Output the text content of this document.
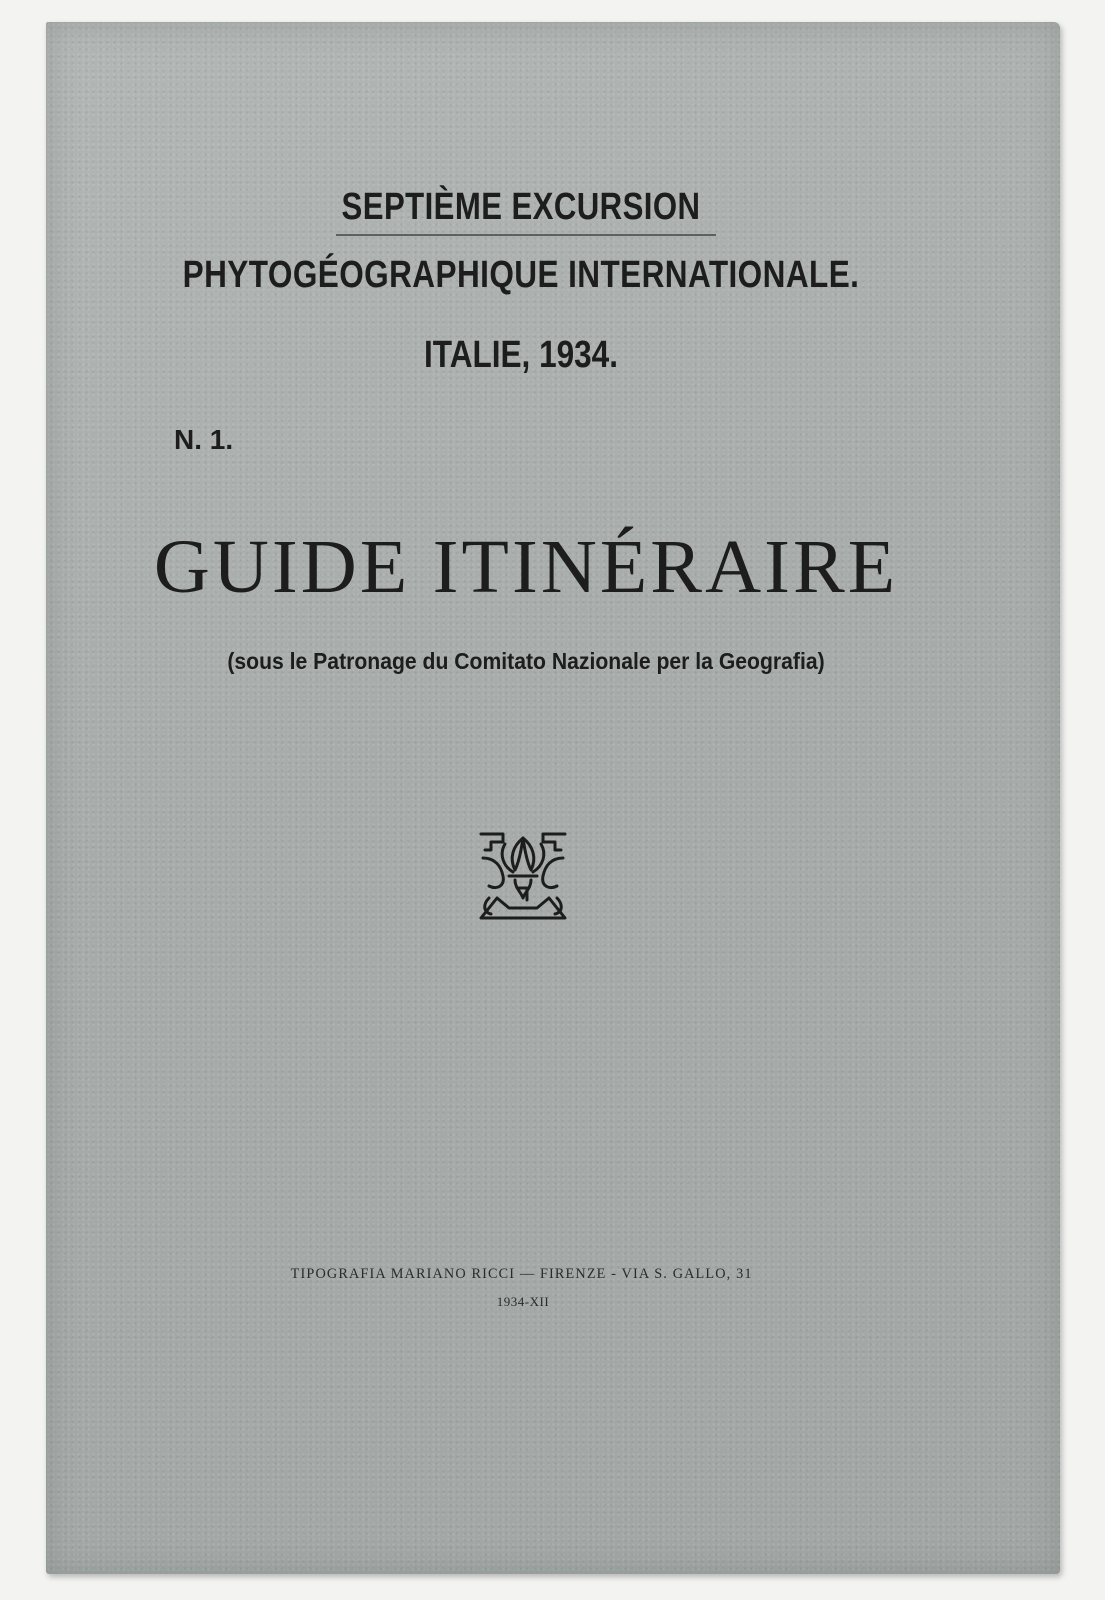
SEPTIÈME EXCURSION
PHYTOGÉOGRAPHIQUE INTERNATIONALE.
ITALIE, 1934.
N. 1.
GUIDE ITINÉRAIRE
(sous le Patronage du Comitato Nazionale per la Geografia)
TIPOGRAFIA MARIANO RICCI — FIRENZE - VIA S. GALLO, 31
1934-XII
